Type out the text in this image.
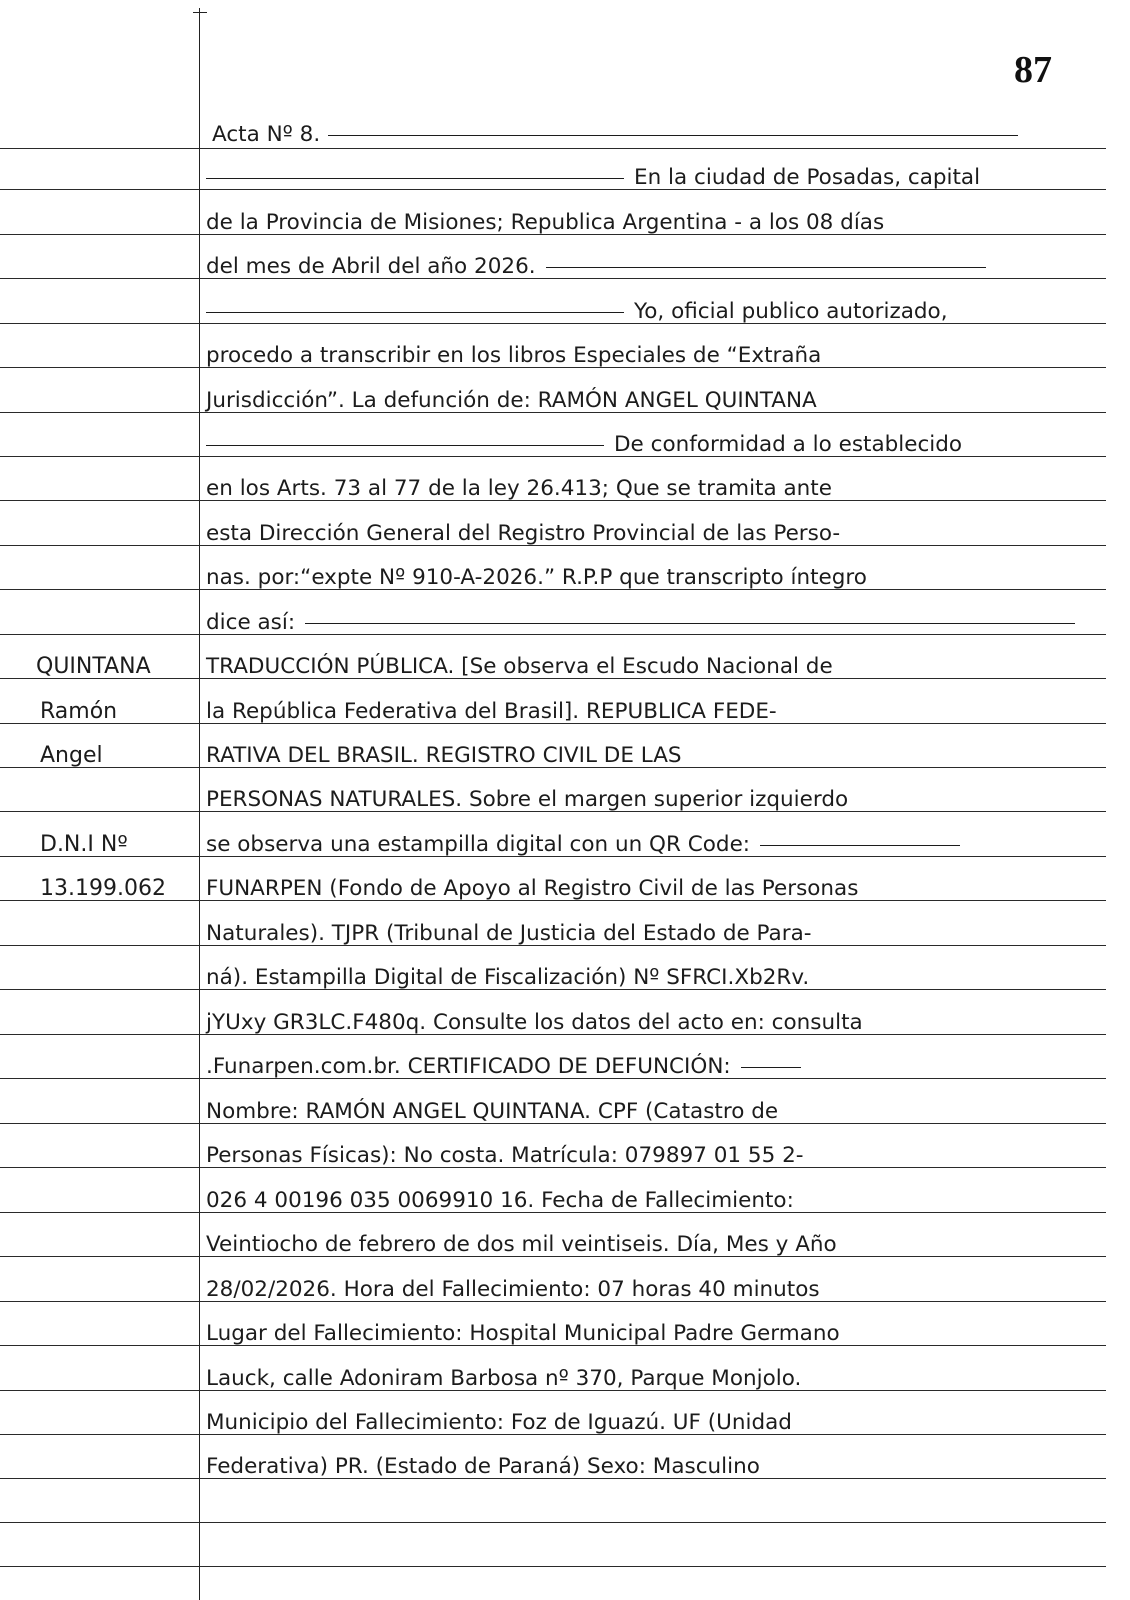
87
Acta Nº 8.
En la ciudad de Posadas, capital
de la Provincia de Misiones; Republica Argentina - a los 08 días
del mes de Abril del año 2026.
Yo, oficial publico autorizado,
procedo a transcribir en los libros Especiales de “Extraña
Jurisdicción”. La defunción de: RAMÓN ANGEL QUINTANA
De conformidad a lo establecido
en los Arts. 73 al 77 de la ley 26.413; Que se tramita ante
esta Dirección General del Registro Provincial de las Perso-
nas. por:“expte Nº 910-A-2026.” R.P.P que transcripto íntegro
dice así:
TRADUCCIÓN PÚBLICA. [Se observa el Escudo Nacional de
la República Federativa del Brasil]. REPUBLICA FEDE-
RATIVA DEL BRASIL. REGISTRO CIVIL DE LAS
PERSONAS NATURALES. Sobre el margen superior izquierdo
se observa una estampilla digital con un QR Code:
FUNARPEN (Fondo de Apoyo al Registro Civil de las Personas
Naturales). TJPR (Tribunal de Justicia del Estado de Para-
ná). Estampilla Digital de Fiscalización) Nº SFRCI.Xb2Rv.
jYUxy GR3LC.F480q. Consulte los datos del acto en: consulta
.Funarpen.com.br. CERTIFICADO DE DEFUNCIÓN:
Nombre: RAMÓN ANGEL QUINTANA. CPF (Catastro de
Personas Físicas): No costa. Matrícula: 079897 01 55 2-
026 4 00196 035 0069910 16. Fecha de Fallecimiento:
Veintiocho de febrero de dos mil veintiseis. Día, Mes y Año
28/02/2026. Hora del Fallecimiento: 07 horas 40 minutos
Lugar del Fallecimiento: Hospital Municipal Padre Germano
Lauck, calle Adoniram Barbosa nº 370, Parque Monjolo.
Municipio del Fallecimiento: Foz de Iguazú. UF (Unidad
Federativa) PR. (Estado de Paraná) Sexo: Masculino
QUINTANA
Ramón
Angel
D.N.I Nº
13.199.062
